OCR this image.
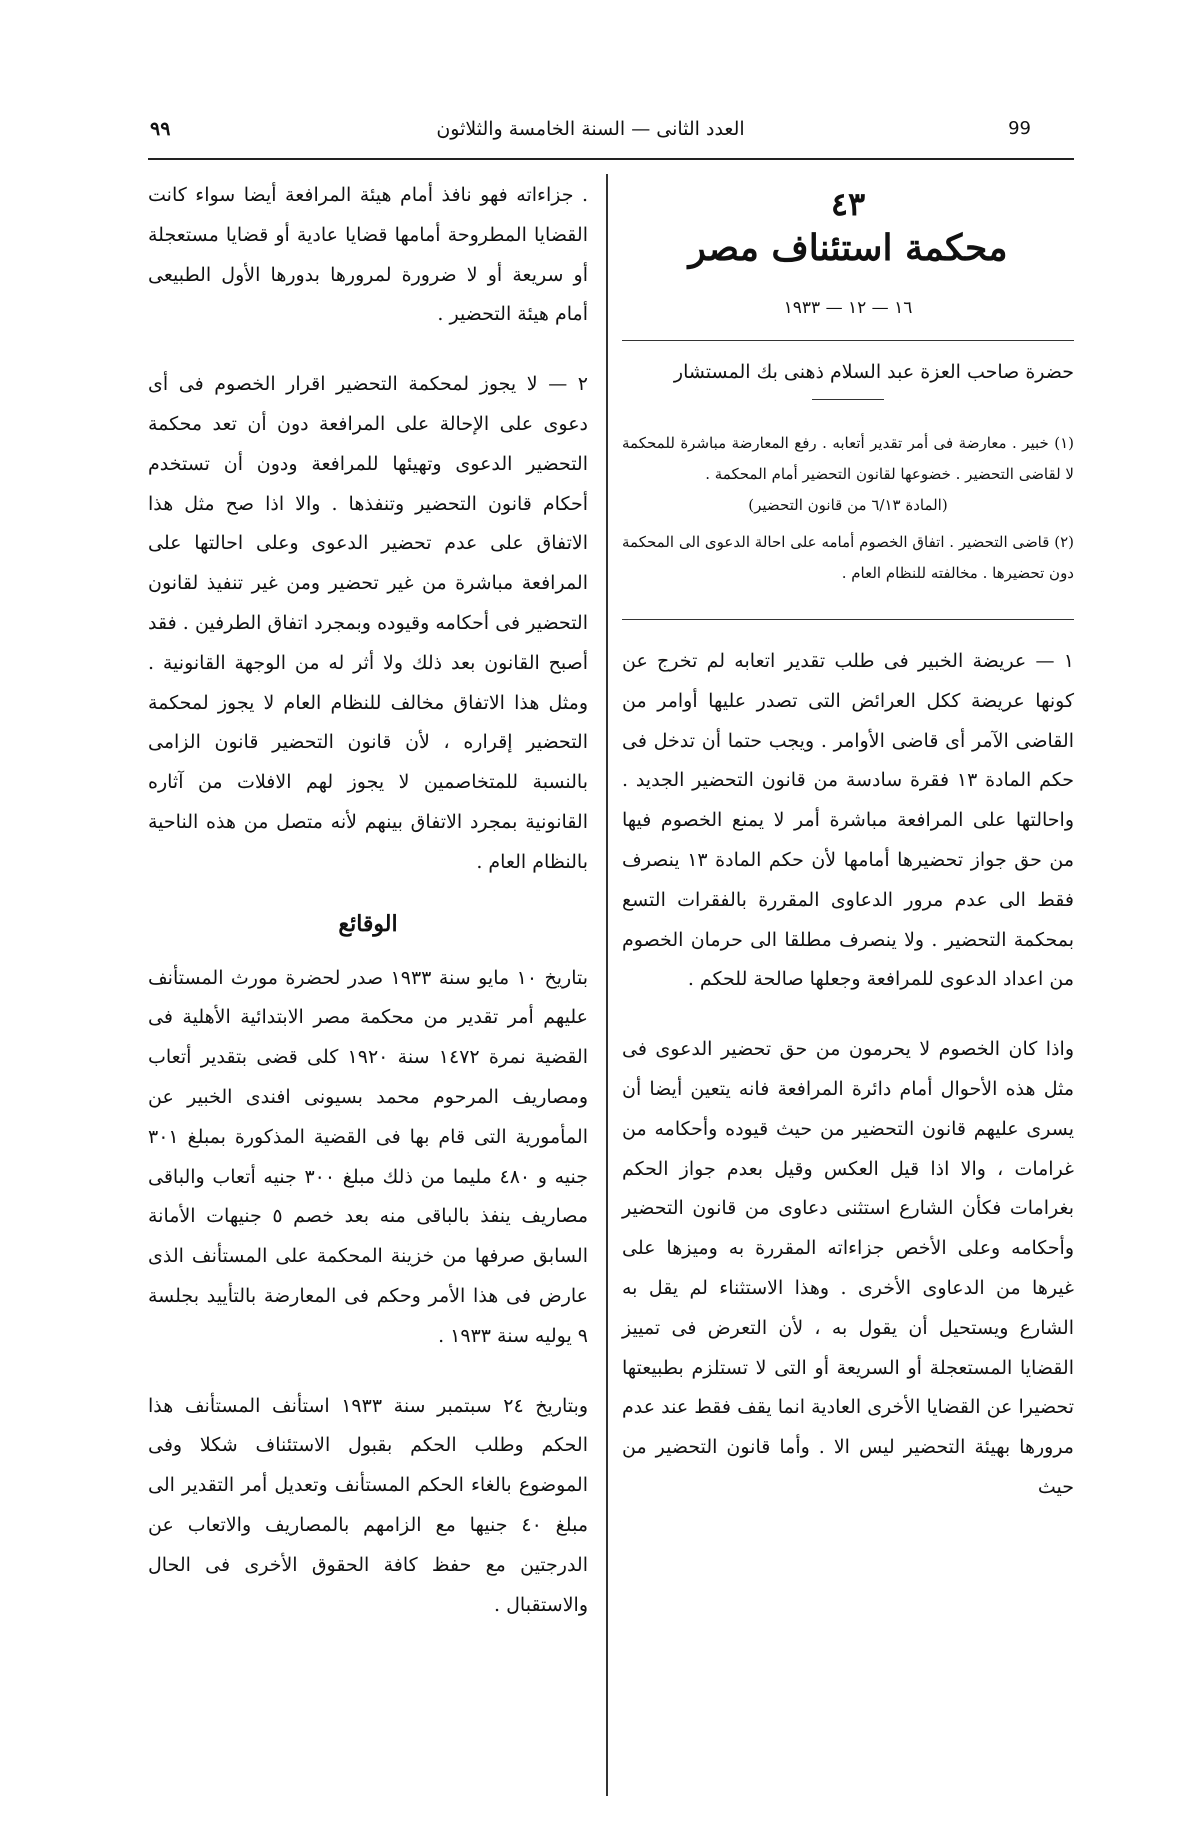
٩٩	العدد الثانى — السنة الخامسة والثلاثون	99
٤٣
محكمة استئناف مصر
١٦ — ١٢ — ١٩٣٣
حضرة صاحب العزة عبد السلام ذهنى بك المستشار

(١) خبير . معارضة فى أمر تقدير أتعابه . رفع المعارضة مباشرة للمحكمة لا لقاضى التحضير . خضوعها لقانون التحضير أمام المحكمة .

(المادة ٦/١٣ من قانون التحضير)

(٢) قاضى التحضير . اتفاق الخصوم أمامه على احالة الدعوى الى المحكمة دون تحضيرها . مخالفته للنظام العام .

١ — عريضة الخبير فى طلب تقدير اتعابه لم تخرج عن كونها عريضة ككل العرائض التى تصدر عليها أوامر من القاضى الآمر أى قاضى الأوامر . ويجب حتما أن تدخل فى حكم المادة ١٣ فقرة سادسة من قانون التحضير الجديد . واحالتها على المرافعة مباشرة أمر لا يمنع الخصوم فيها من حق جواز تحضيرها أمامها لأن حكم المادة ١٣ ينصرف فقط الى عدم مرور الدعاوى المقررة بالفقرات التسع بمحكمة التحضير . ولا ينصرف مطلقا الى حرمان الخصوم من اعداد الدعوى للمرافعة وجعلها صالحة للحكم .

واذا كان الخصوم لا يحرمون من حق تحضير الدعوى فى مثل هذه الأحوال أمام دائرة المرافعة فانه يتعين أيضا أن يسرى عليهم قانون التحضير من حيث قيوده وأحكامه من غرامات ، والا اذا قيل العكس وقيل بعدم جواز الحكم بغرامات فكأن الشارع استثنى دعاوى من قانون التحضير وأحكامه وعلى الأخص جزاءاته المقررة به وميزها على غيرها من الدعاوى الأخرى . وهذا الاستثناء لم يقل به الشارع ويستحيل أن يقول به ، لأن التعرض فى تمييز القضايا المستعجلة أو السريعة أو التى لا تستلزم بطبيعتها تحضيرا عن القضايا الأخرى العادية انما يقف فقط عند عدم مرورها بهيئة التحضير ليس الا . وأما قانون التحضير من حيث

. جزاءاته فهو نافذ أمام هيئة المرافعة أيضا سواء كانت القضايا المطروحة أمامها قضايا عادية أو قضايا مستعجلة أو سريعة أو لا ضرورة لمرورها بدورها الأول الطبيعى أمام هيئة التحضير .

٢ — لا يجوز لمحكمة التحضير اقرار الخصوم فى أى دعوى على الإحالة على المرافعة دون أن تعد محكمة التحضير الدعوى وتهيئها للمرافعة ودون أن تستخدم أحكام قانون التحضير وتنفذها . والا اذا صح مثل هذا الاتفاق على عدم تحضير الدعوى وعلى احالتها على المرافعة مباشرة من غير تحضير ومن غير تنفيذ لقانون التحضير فى أحكامه وقيوده وبمجرد اتفاق الطرفين . فقد أصبح القانون بعد ذلك ولا أثر له من الوجهة القانونية . ومثل هذا الاتفاق مخالف للنظام العام لا يجوز لمحكمة التحضير إقراره ، لأن قانون التحضير قانون الزامى بالنسبة للمتخاصمين لا يجوز لهم الافلات من آثاره القانونية بمجرد الاتفاق بينهم لأنه متصل من هذه الناحية بالنظام العام .

الوقائع

بتاريخ ١٠ مايو سنة ١٩٣٣ صدر لحضرة مورث المستأنف عليهم أمر تقدير من محكمة مصر الابتدائية الأهلية فى القضية نمرة ١٤٧٢ سنة ١٩٢٠ كلى قضى بتقدير أتعاب ومصاريف المرحوم محمد بسيونى افندى الخبير عن المأمورية التى قام بها فى القضية المذكورة بمبلغ ٣٠١ جنيه و ٤٨٠ مليما من ذلك مبلغ ٣٠٠ جنيه أتعاب والباقى مصاريف ينفذ بالباقى منه بعد خصم ٥ جنيهات الأمانة السابق صرفها من خزينة المحكمة على المستأنف الذى عارض فى هذا الأمر وحكم فى المعارضة بالتأييد بجلسة ٩ يوليه سنة ١٩٣٣ .

وبتاريخ ٢٤ سبتمبر سنة ١٩٣٣ استأنف المستأنف هذا الحكم وطلب الحكم بقبول الاستئناف شكلا وفى الموضوع بالغاء الحكم المستأنف وتعديل أمر التقدير الى مبلغ ٤٠ جنيها مع الزامهم بالمصاريف والاتعاب عن الدرجتين مع حفظ كافة الحقوق الأخرى فى الحال والاستقبال .
